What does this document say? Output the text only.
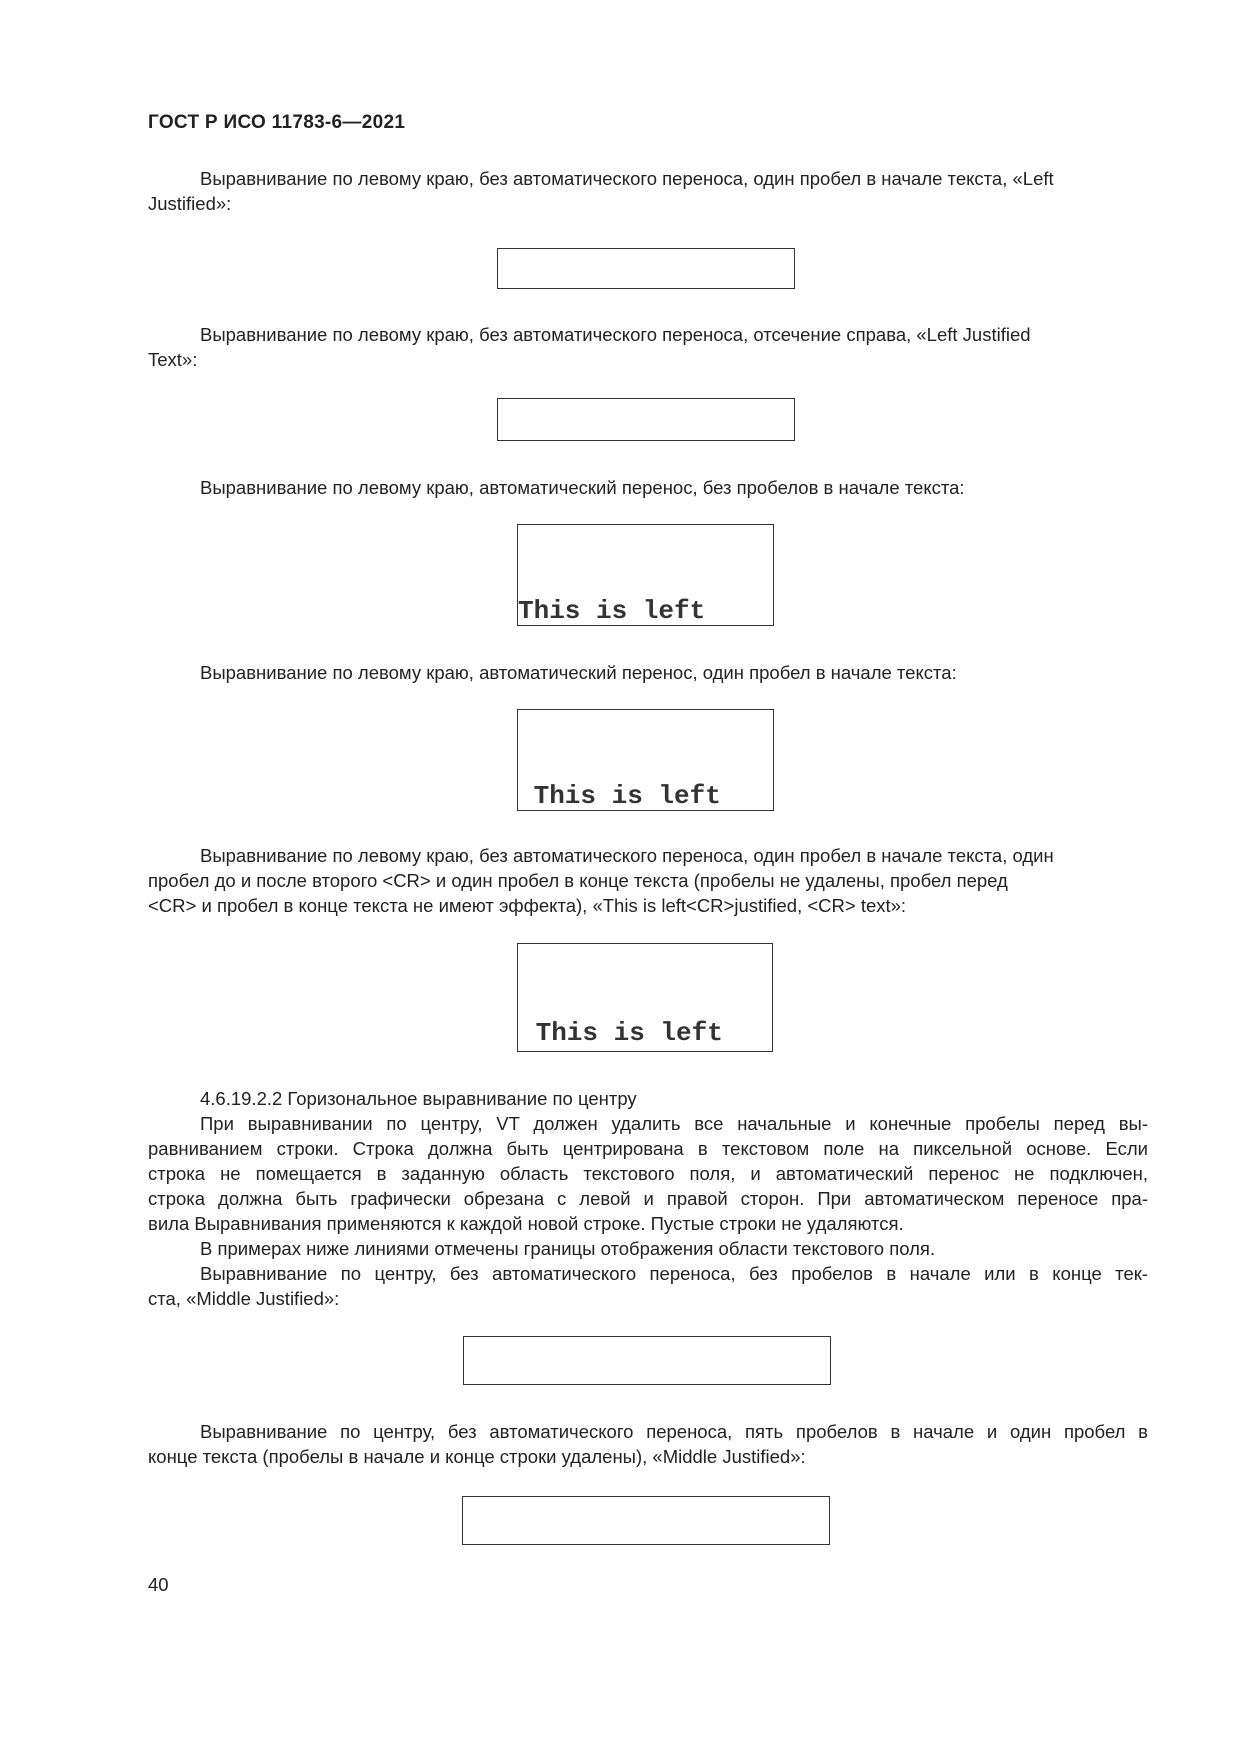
ГОСТ Р ИСО 11783-6—2021
Выравнивание по левому краю, без автоматического переноса, один пробел в начале текста, «Left
Justified»:

Выравнивание по левому краю, без автоматического переноса, отсечение справа, «Left Justified
Text»:

Выравнивание по левому краю, автоматический перенос, без пробелов в начале текста:

This is left

Выравнивание по левому краю, автоматический перенос, один пробел в начале текста:

This is left

Выравнивание по левому краю, без автоматического переноса, один пробел в начале текста, один
пробел до и после второго <CR> и один пробел в конце текста (пробелы не удалены, пробел перед
<CR> и пробел в конце текста не имеют эффекта), «This is left<CR>justified, <CR> text»:

This is left

4.6.19.2.2 Горизональное выравнивание по центру
При выравнивании по центру, VT должен удалить все начальные и конечные пробелы перед вы-
равниванием строки. Строка должна быть центрирована в текстовом поле на пиксельной основе. Если
строка не помещается в заданную область текстового поля, и автоматический перенос не подключен,
строка должна быть графически обрезана с левой и правой сторон. При автоматическом переносе пра-
вила Выравнивания применяются к каждой новой строке. Пустые строки не удаляются.
В примерах ниже линиями отмечены границы отображения области текстового поля.
Выравнивание по центру, без автоматического переноса, без пробелов в начале или в конце тек-
ста, «Middle Justified»:

Выравнивание по центру, без автоматического переноса, пять пробелов в начале и один пробел в
конце текста (пробелы в начале и конце строки удалены), «Middle Justified»:

40
